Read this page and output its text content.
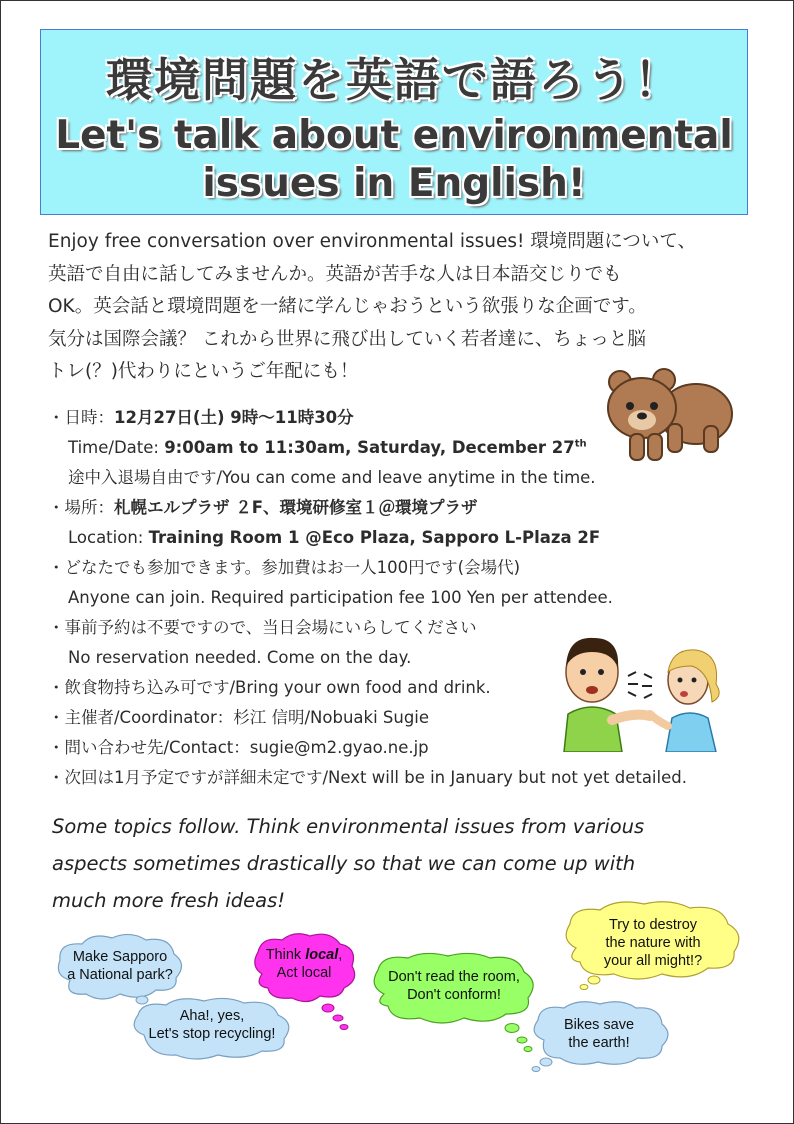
環境問題を英語で語ろう！
Let's talk about environmental
issues in English!
Enjoy free conversation over environmental issues! 環境問題について、
英語で自由に話してみませんか。英語が苦手な人は日本語交じりでも
OK。英会話と環境問題を一緒に学んじゃおうという欲張りな企画です。
気分は国際会議？ これから世界に飛び出していく若者達に、ちょっと脳
トレ(？)代わりにというご年配にも！
・日時：12月27日(土) 9時～11時30分
Time/Date: 9:00am to 11:30am, Saturday, December 27th
途中入退場自由です/You can come and leave anytime in the time.
・場所：札幌エルプラザ ２F、環境研修室１＠環境プラザ
Location: Training Room 1 @Eco Plaza, Sapporo L-Plaza 2F
・どなたでも参加できます。参加費はお一人100円です(会場代)
Anyone can join. Required participation fee 100 Yen per attendee.
・事前予約は不要ですので、当日会場にいらしてください
No reservation needed. Come on the day.
・飲食物持ち込み可です/Bring your own food and drink.
・主催者/Coordinator：杉江 信明/Nobuaki Sugie
・問い合わせ先/Contact：sugie@m2.gyao.ne.jp
・次回は1月予定ですが詳細未定です/Next will be in January but not yet detailed.
Some topics follow. Think environmental issues from various
aspects sometimes drastically so that we can come up with
much more fresh ideas!
Make Sapporo
a National park?
Think local,
Act local
Aha!, yes,
Let's stop recycling!
Don't read the room,
Don't conform!
Try to destroy
the nature with
your all might!?
Bikes save
the earth!
